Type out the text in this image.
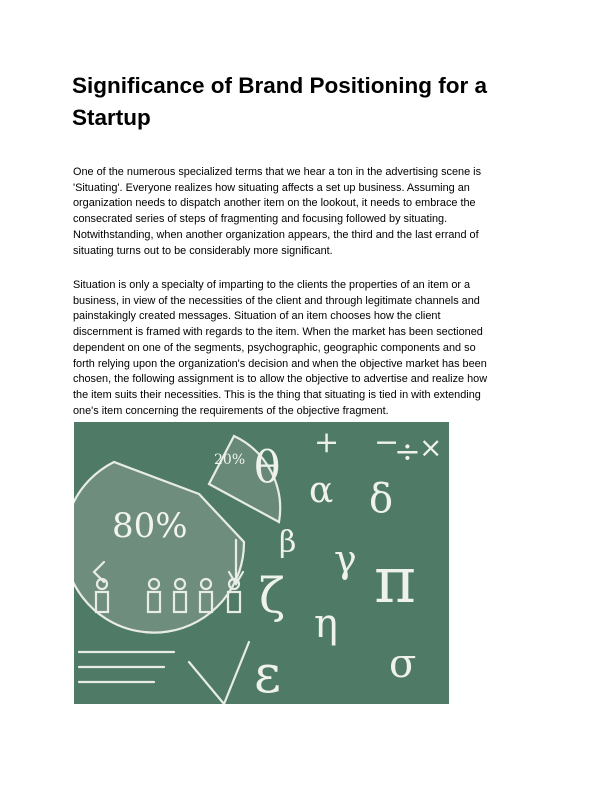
Significance of Brand Positioning for a Startup
One of the numerous specialized terms that we hear a ton in the advertising scene is
'Situating'. Everyone realizes how situating affects a set up business. Assuming an
organization needs to dispatch another item on the lookout, it needs to embrace the
consecrated series of steps of fragmenting and focusing followed by situating.
Notwithstanding, when another organization appears, the third and the last errand of
situating turns out to be considerably more significant.
Situation is only a specialty of imparting to the clients the properties of an item or a
business, in view of the necessities of the client and through legitimate channels and
painstakingly created messages. Situation of an item chooses how the client
discernment is framed with regards to the item. When the market has been sectioned
dependent on one of the segments, psychographic, geographic components and so
forth relying upon the organization's decision and when the objective market has been
chosen, the following assignment is to allow the objective to advertise and realize how
the item suits their necessities. This is the thing that situating is tied in with extending
one's item concerning the requirements of the objective fragment.
80%
20% θ α
β
δ
γ
ζ π
η
ε	σ
÷
+ − ×
